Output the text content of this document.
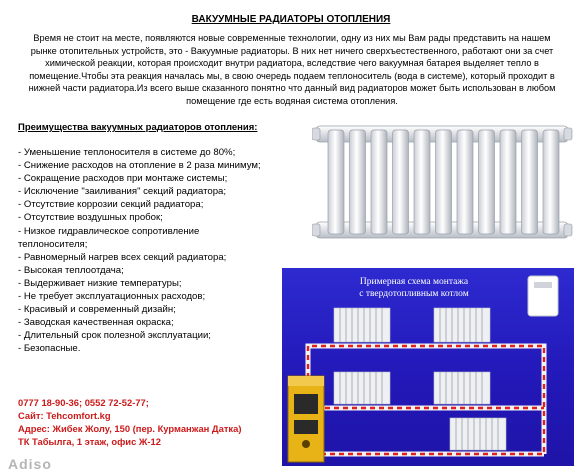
ВАКУУМНЫЕ РАДИАТОРЫ ОТОПЛЕНИЯ
Время не стоит на месте, появляются новые современные технологии, одну из них мы Вам рады представить на нашем рынке отопительных устройств, это - Вакуумные радиаторы. В них нет ничего сверхъестественного, работают они за счет химической реакции, которая происходит внутри радиатора, вследствие чего вакуумная батарея выделяет тепло в помещение.Чтобы эта реакция началась мы, в свою очередь подаем теплоноситель (вода в системе), который проходит в нижней части радиатора.Из всего выше сказанного понятно что данный вид радиаторов может быть использован в любом помещение где есть водяная система отопления.
Преимущества вакуумных радиаторов отопления:
- Уменьшение теплоносителя в системе до 80%;
- Снижение расходов на отопление в 2 раза минимум;
- Сокращение расходов при монтаже системы;
- Исключение "заиливания" секций радиатора;
- Отсутствие коррозии секций радиатора;
- Отсутствие воздушных пробок;
- Низкое гидравлическое сопротивление
теплоносителя;
- Равномерный нагрев всех секций радиатора;
- Высокая теплоотдача;
- Выдерживает низкие температуры;
- Не требует эксплуатационных расходов;
- Красивый и современный дизайн;
- Заводская качественная окраска;
- Длительный срок полезной эксплуатации;
- Безопасные.
Примерная схема монтажа
с твердотопливным котлом
0777 18-90-36; 0552 72-52-77;
Сайт: Tehcomfort.kg
Адрес: Жибек Жолу, 150 (пер. Курманжан Датка)
ТК Табылга, 1 этаж, офис Ж-12
Adiso
